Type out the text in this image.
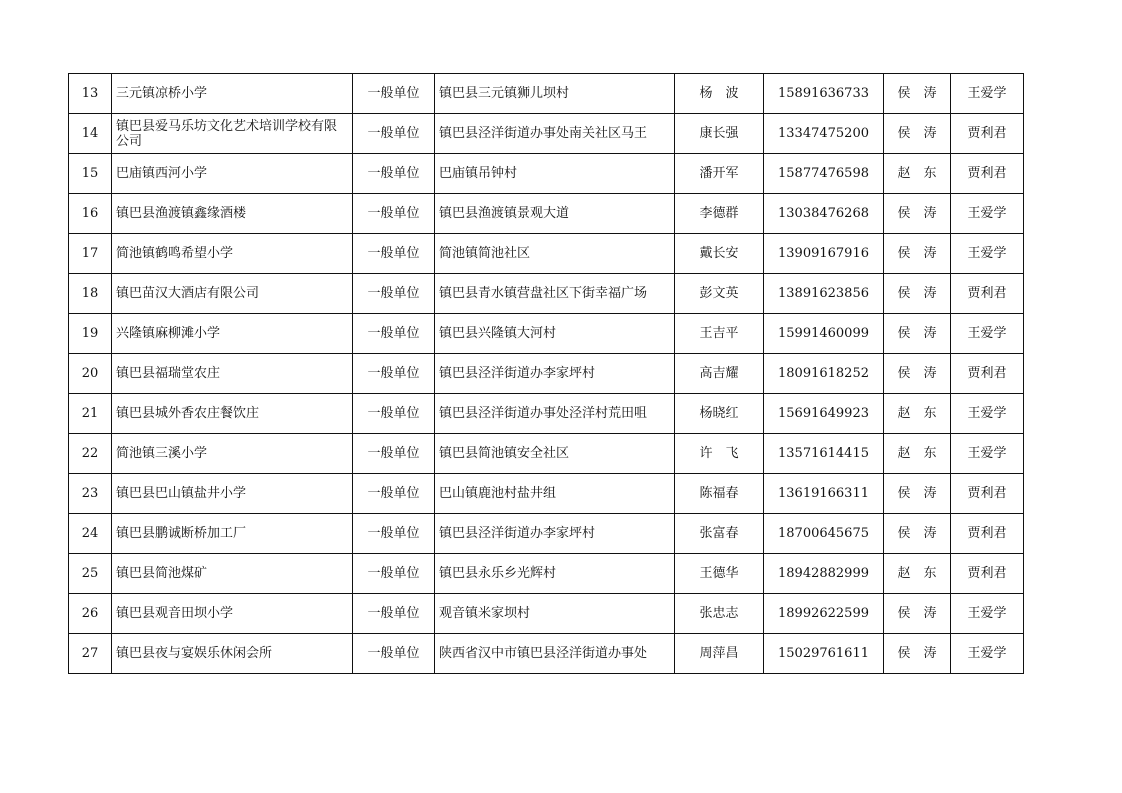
13	三元镇凉桥小学	一般单位	镇巴县三元镇狮儿坝村	杨　波	15891636733	侯　涛	王爱学
14	镇巴县爱马乐坊文化艺术培训学校有限公司	一般单位	镇巴县泾洋街道办事处南关社区马王	康长强	13347475200	侯　涛	贾利君
15	巴庙镇西河小学	一般单位	巴庙镇吊钟村	潘开军	15877476598	赵　东	贾利君
16	镇巴县渔渡镇鑫缘酒楼	一般单位	镇巴县渔渡镇景观大道	李德群	13038476268	侯　涛	王爱学
17	简池镇鹤鸣希望小学	一般单位	简池镇简池社区	戴长安	13909167916	侯　涛	王爱学
18	镇巴苗汉大酒店有限公司	一般单位	镇巴县青水镇营盘社区下街幸福广场	彭文英	13891623856	侯　涛	贾利君
19	兴隆镇麻柳滩小学	一般单位	镇巴县兴隆镇大河村	王吉平	15991460099	侯　涛	王爱学
20	镇巴县福瑞堂农庄	一般单位	镇巴县泾洋街道办李家坪村	高吉耀	18091618252	侯　涛	贾利君
21	镇巴县城外香农庄餐饮庄	一般单位	镇巴县泾洋街道办事处泾洋村荒田咀	杨晓红	15691649923	赵　东	王爱学
22	简池镇三溪小学	一般单位	镇巴县简池镇安全社区	许　飞	13571614415	赵　东	王爱学
23	镇巴县巴山镇盐井小学	一般单位	巴山镇鹿池村盐井组	陈福春	13619166311	侯　涛	贾利君
24	镇巴县鹏诚断桥加工厂	一般单位	镇巴县泾洋街道办李家坪村	张富春	18700645675	侯　涛	贾利君
25	镇巴县简池煤矿	一般单位	镇巴县永乐乡光辉村	王德华	18942882999	赵　东	贾利君
26	镇巴县观音田坝小学	一般单位	观音镇米家坝村	张忠志	18992622599	侯　涛	王爱学
27	镇巴县夜与宴娱乐休闲会所	一般单位	陕西省汉中市镇巴县泾洋街道办事处	周萍昌	15029761611	侯　涛	王爱学
